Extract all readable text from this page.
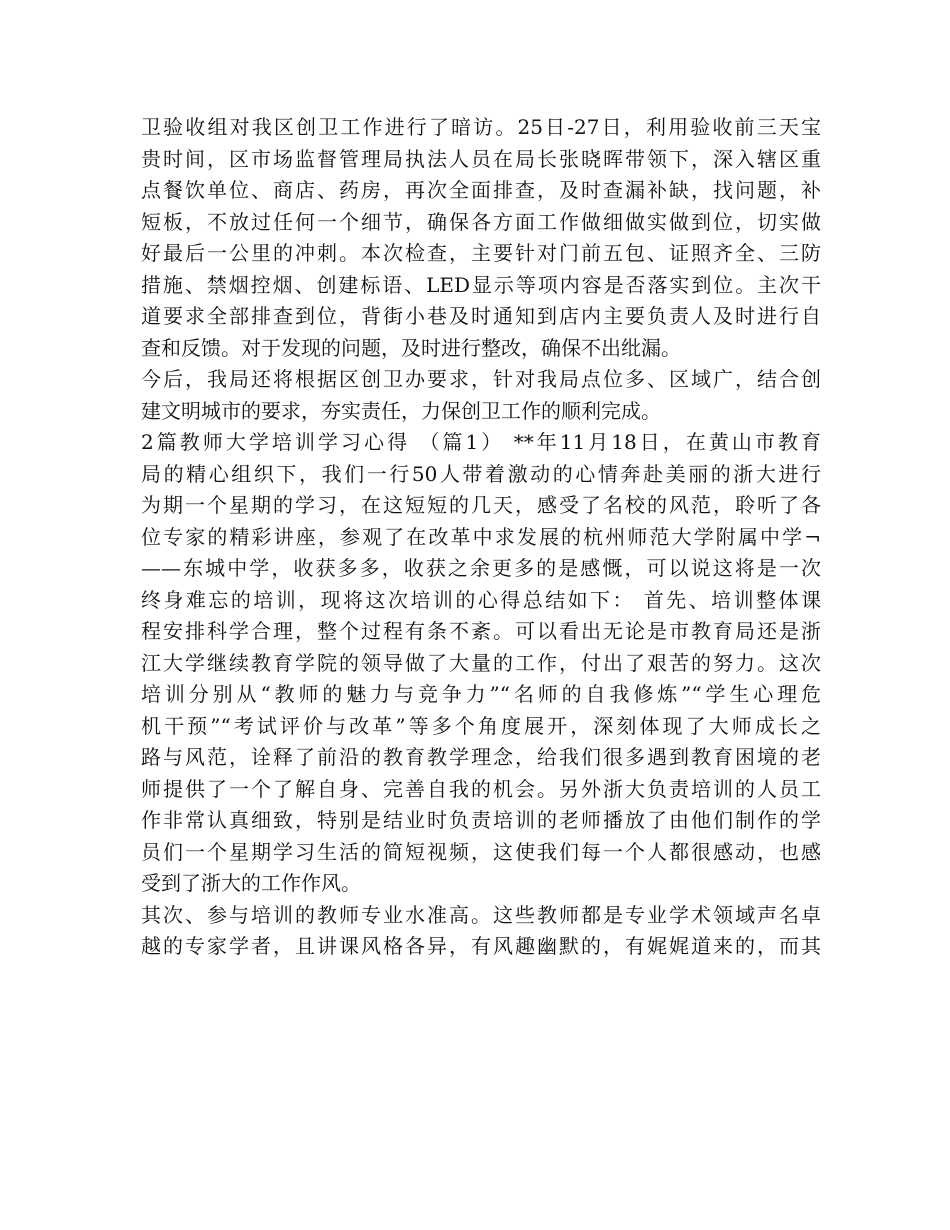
卫验收组对我区创卫工作进行了暗访。25日-27日，利用验收前三天宝
贵时间，区市场监督管理局执法人员在局长张晓晖带领下，深入辖区重
点餐饮单位、商店、药房，再次全面排查，及时查漏补缺，找问题，补
短板，不放过任何一个细节，确保各方面工作做细做实做到位，切实做
好最后一公里的冲刺。本次检查，主要针对门前五包、证照齐全、三防
措施、禁烟控烟、创建标语、LED显示等项内容是否落实到位。主次干
道要求全部排查到位，背街小巷及时通知到店内主要负责人及时进行自
查和反馈。对于发现的问题，及时进行整改，确保不出纰漏。
今后，我局还将根据区创卫办要求，针对我局点位多、区域广，结合创
建文明城市的要求，夯实责任，力保创卫工作的顺利完成。
2篇教师大学培训学习心得 （篇1） **年11月18日，在黄山市教育
局的精心组织下，我们一行50人带着激动的心情奔赴美丽的浙大进行
为期一个星期的学习，在这短短的几天，感受了名校的风范，聆听了各
位专家的精彩讲座，参观了在改革中求发展的杭州师范大学附属中学¬
——东城中学，收获多多，收获之余更多的是感慨，可以说这将是一次
终身难忘的培训，现将这次培训的心得总结如下： 首先、培训整体课
程安排科学合理，整个过程有条不紊。可以看出无论是市教育局还是浙
江大学继续教育学院的领导做了大量的工作，付出了艰苦的努力。这次
培训分别从“教师的魅力与竞争力”“名师的自我修炼”“学生心理危
机干预”“考试评价与改革”等多个角度展开，深刻体现了大师成长之
路与风范，诠释了前沿的教育教学理念，给我们很多遇到教育困境的老
师提供了一个了解自身、完善自我的机会。另外浙大负责培训的人员工
作非常认真细致，特别是结业时负责培训的老师播放了由他们制作的学
员们一个星期学习生活的简短视频，这使我们每一个人都很感动，也感
受到了浙大的工作作风。
其次、参与培训的教师专业水准高。这些教师都是专业学术领域声名卓
越的专家学者，且讲课风格各异，有风趣幽默的，有娓娓道来的，而其
